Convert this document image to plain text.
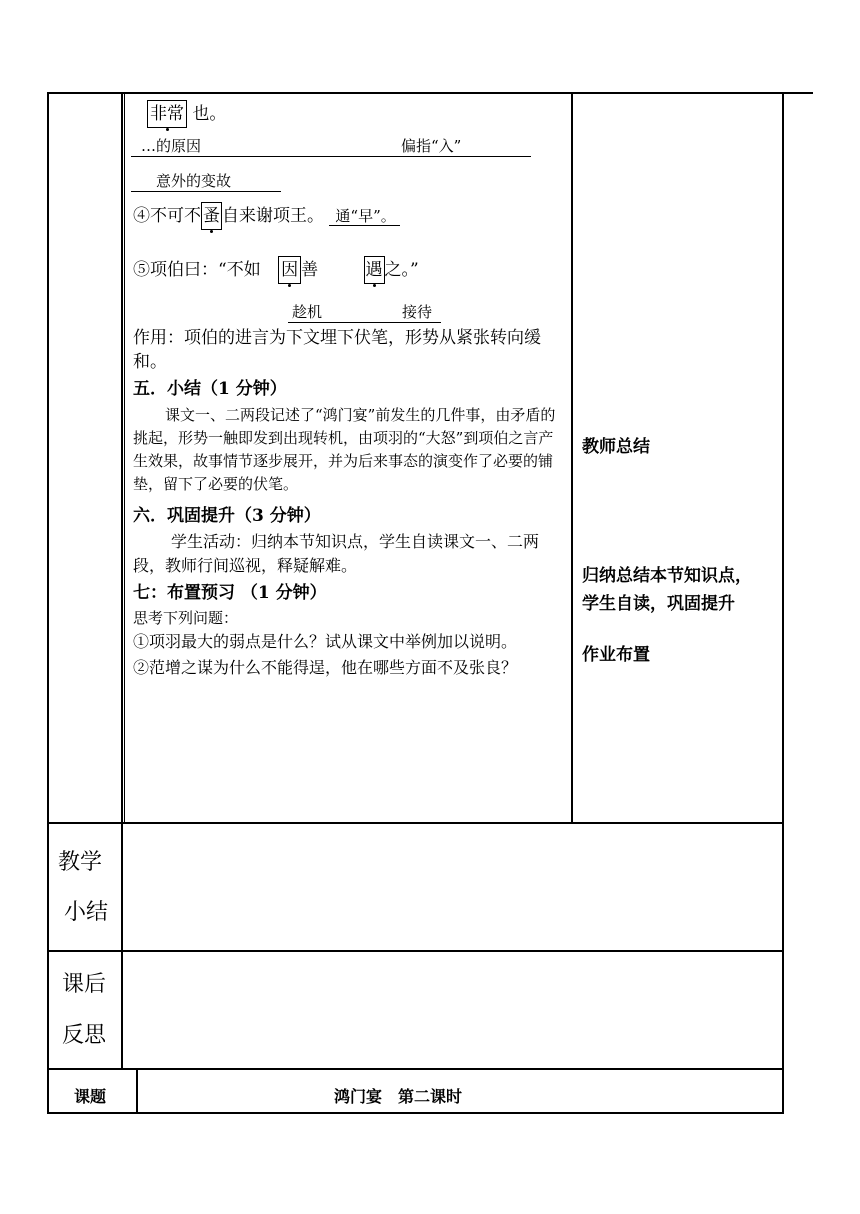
非常 也。
…的原因	偏指“入”
意外的变故
④不可不 蚤 自来谢项王。 通“早”。
⑤项伯曰：“不如 因 善	遇 之。”
趁机	接待
作用：项伯的进言为下文埋下伏笔，形势从紧张转向缓和。
五．小结（1 分钟）
课文一、二两段记述了“鸿门宴”前发生的几件事，由矛盾的挑起，形势一触即发到出现转机，由项羽的“大怒”到项伯之言产生效果，故事情节逐步展开，并为后来事态的演变作了必要的铺垫，留下了必要的伏笔。
六．巩固提升（3 分钟）
学生活动：归纳本节知识点，学生自读课文一、二两段，教师行间巡视，释疑解难。
七：布置预习 （1 分钟）
思考下列问题：
①项羽最大的弱点是什么？试从课文中举例加以说明。
②范增之谋为什么不能得逞，他在哪些方面不及张良？
教师总结
归纳总结本节知识点，
学生自读，巩固提升
作业布置
教学
小结
课后
反思
课题	鸿门宴　第二课时
